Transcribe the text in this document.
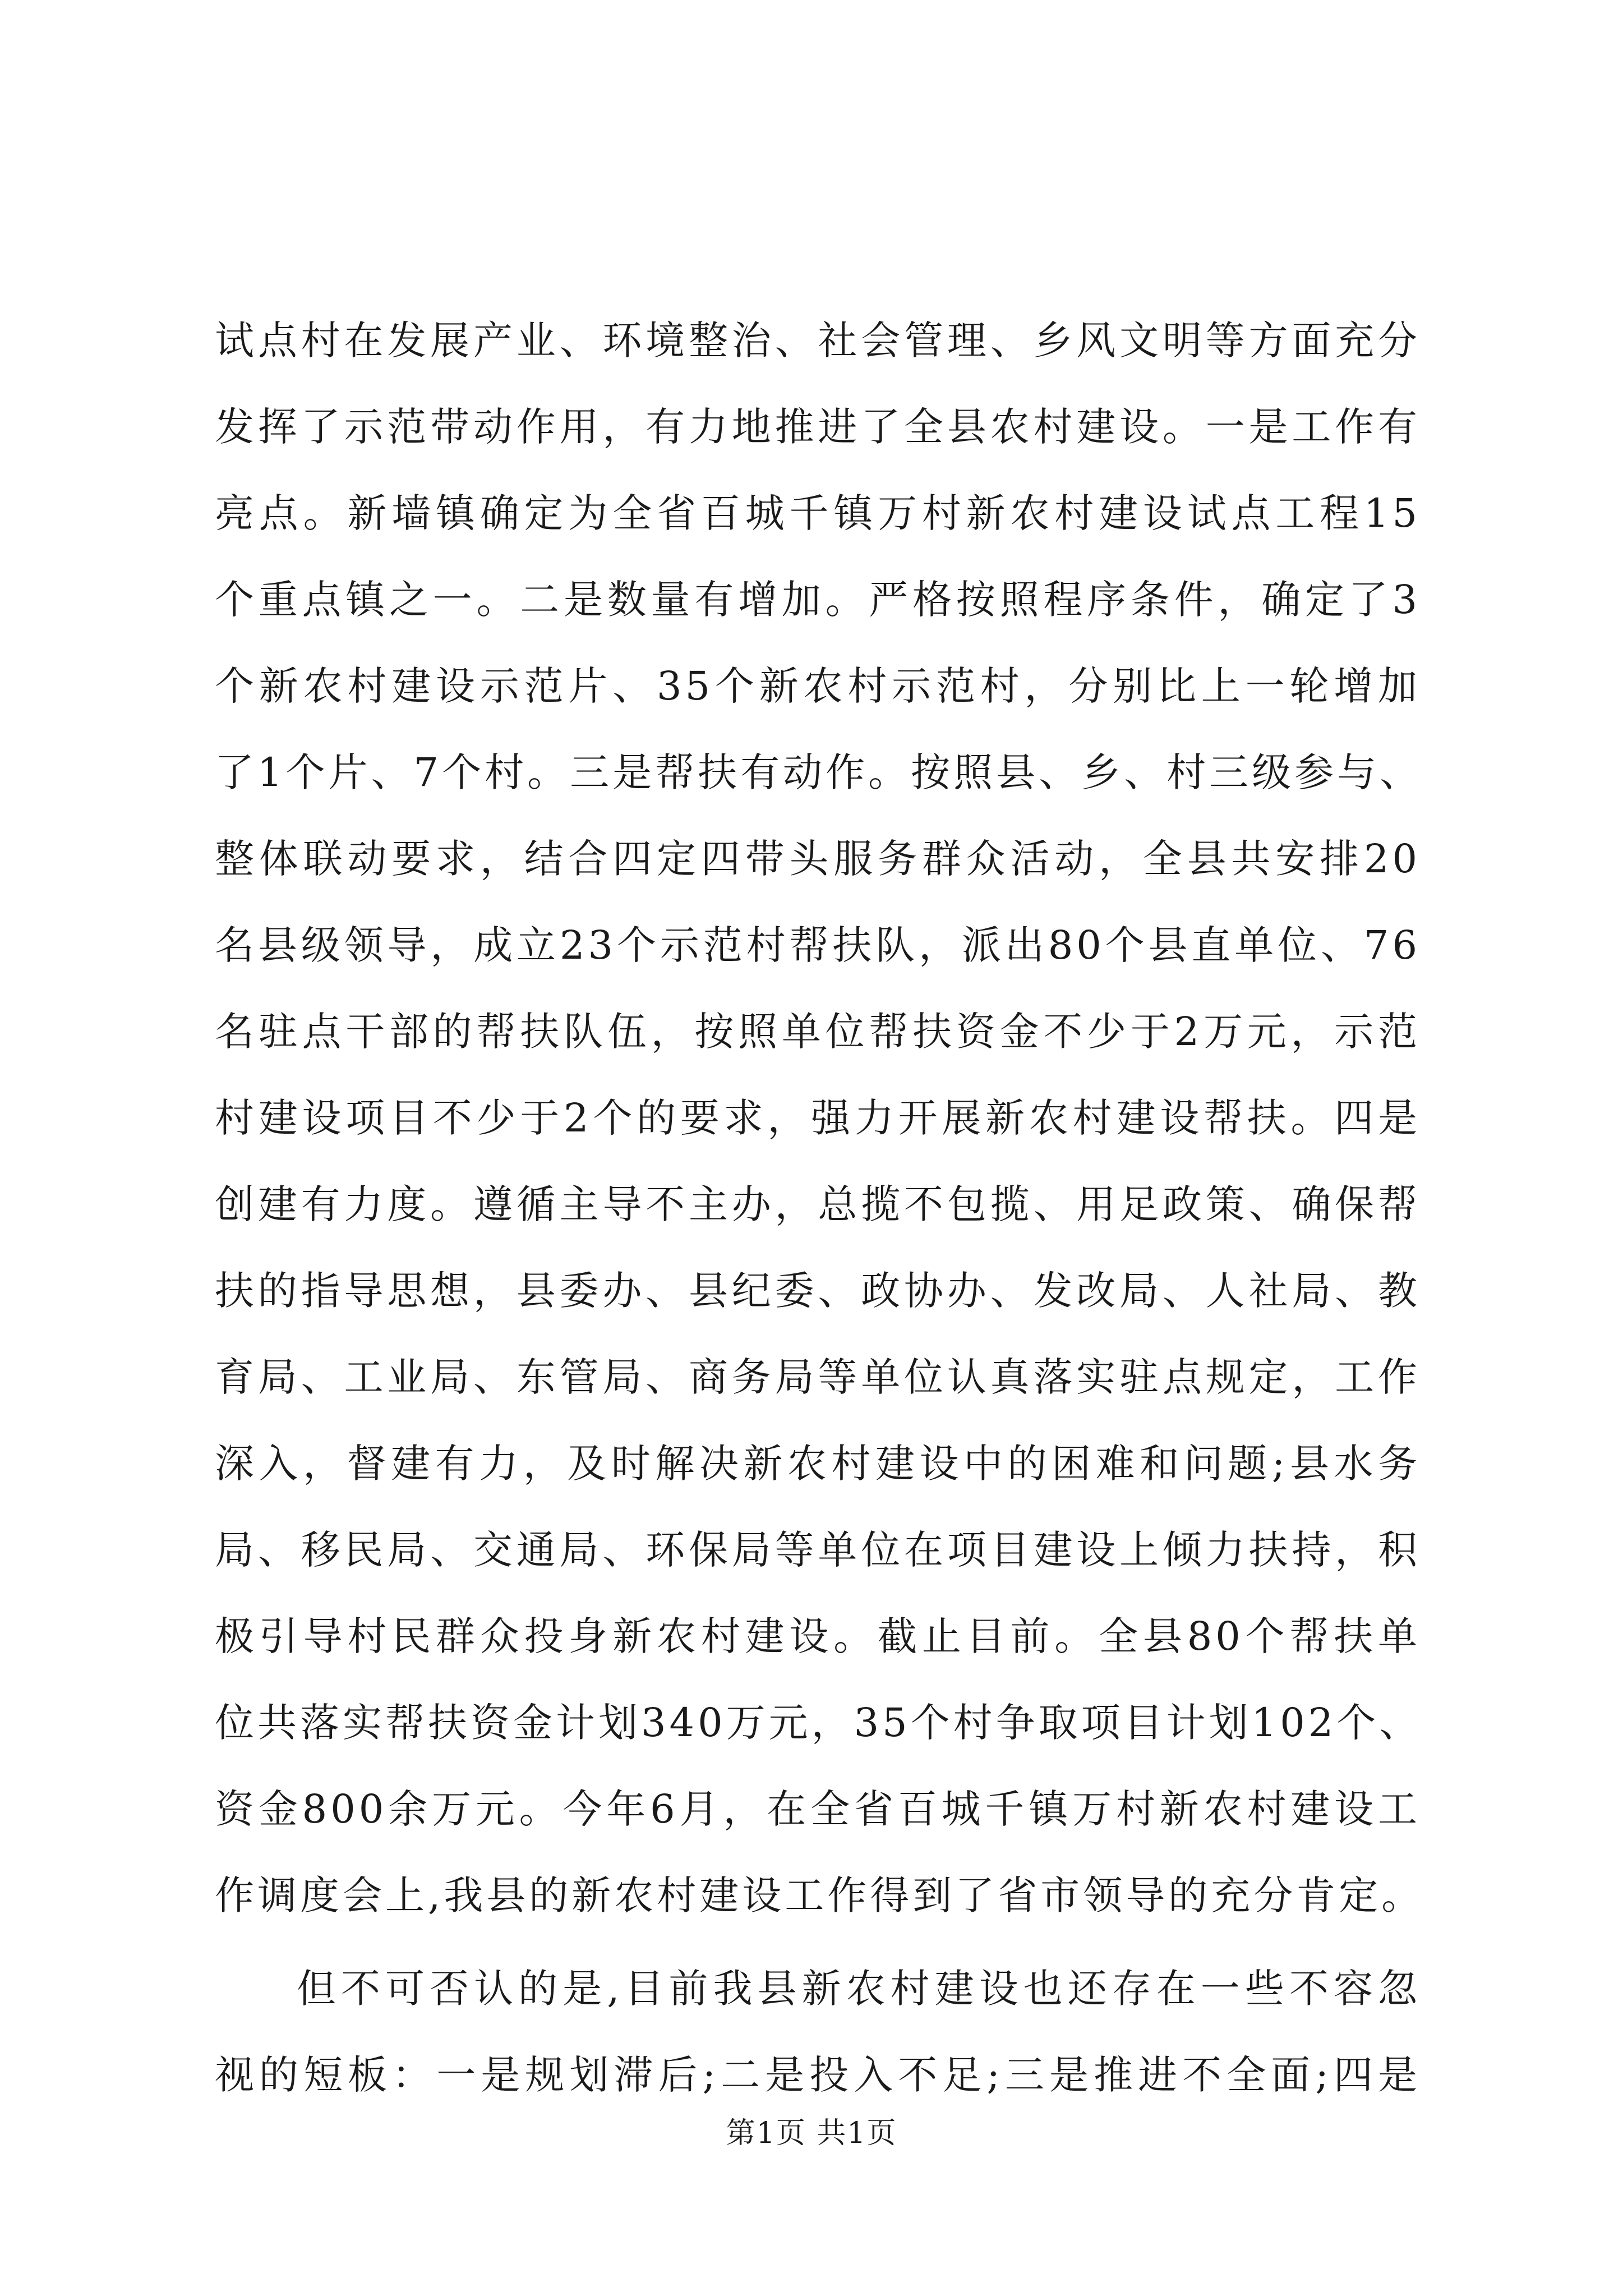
试点村在发展产业、环境整治、社会管理、乡风文明等方面充分
发挥了示范带动作用，有力地推进了全县农村建设。一是工作有
亮点。新墙镇确定为全省百城千镇万村新农村建设试点工程15
个重点镇之一。二是数量有增加。严格按照程序条件，确定了3
个新农村建设示范片、35个新农村示范村，分别比上一轮增加
了1个片、7个村。三是帮扶有动作。按照县、乡、村三级参与、
整体联动要求，结合四定四带头服务群众活动，全县共安排20
名县级领导，成立23个示范村帮扶队，派出80个县直单位、76
名驻点干部的帮扶队伍，按照单位帮扶资金不少于2万元，示范
村建设项目不少于2个的要求，强力开展新农村建设帮扶。四是
创建有力度。遵循主导不主办，总揽不包揽、用足政策、确保帮
扶的指导思想，县委办、县纪委、政协办、发改局、人社局、教
育局、工业局、东管局、商务局等单位认真落实驻点规定，工作
深入，督建有力，及时解决新农村建设中的困难和问题;县水务
局、移民局、交通局、环保局等单位在项目建设上倾力扶持，积
极引导村民群众投身新农村建设。截止目前。全县80个帮扶单
位共落实帮扶资金计划340万元，35个村争取项目计划102个、
资金800余万元。今年6月，在全省百城千镇万村新农村建设工
作调度会上,我县的新农村建设工作得到了省市领导的充分肯定。
但不可否认的是,目前我县新农村建设也还存在一些不容忽
视的短板：一是规划滞后;二是投入不足;三是推进不全面;四是
第1页 共1页
